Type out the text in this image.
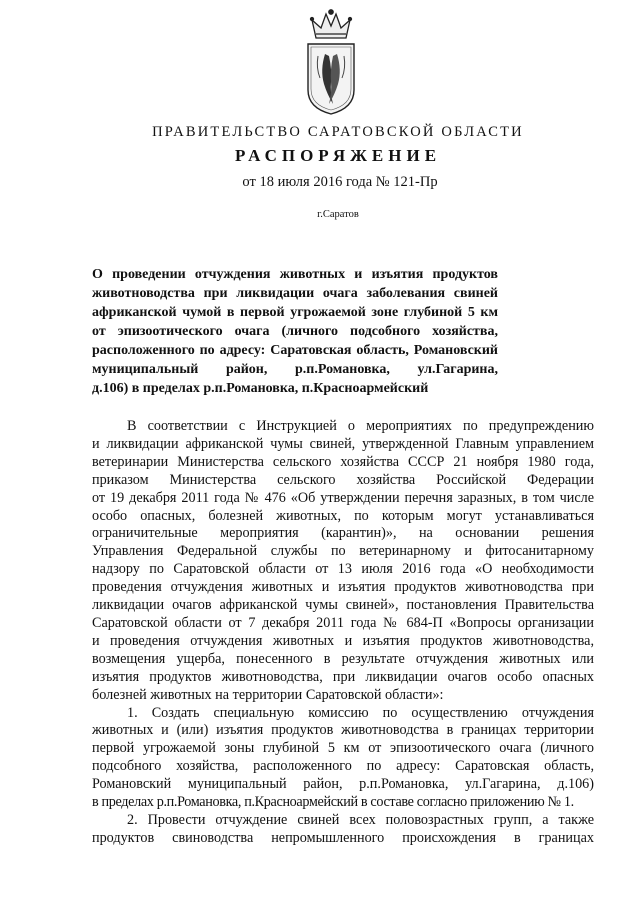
ПРАВИТЕЛЬСТВО САРАТОВСКОЙ ОБЛАСТИ
РАСПОРЯЖЕНИЕ
от 18 июля 2016 года № 121-Пр
г.Саратов
О проведении отчуждения животных и изъятия продуктов
животноводства при ликвидации очага заболевания свиней
африканской чумой в первой угрожаемой зоне глубиной 5 км
от эпизоотического очага (личного подсобного хозяйства,
расположенного по адресу: Саратовская область, Романовский
муниципальный район, р.п.Романовка, ул.Гагарина,
д.106) в пределах р.п.Романовка, п.Красноармейский
В соответствии с Инструкцией о мероприятиях по предупреждению
и ликвидации африканской чумы свиней, утвержденной Главным управлением
ветеринарии Министерства сельского хозяйства СССР 21 ноября 1980 года,
приказом Министерства сельского хозяйства Российской Федерации
от 19 декабря 2011 года № 476 «Об утверждении перечня заразных, в том числе
особо опасных, болезней животных, по которым могут устанавливаться
ограничительные мероприятия (карантин)», на основании решения
Управления Федеральной службы по ветеринарному и фитосанитарному
надзору по Саратовской области от 13 июля 2016 года «О необходимости
проведения отчуждения животных и изъятия продуктов животноводства при
ликвидации очагов африканской чумы свиней», постановления Правительства
Саратовской области от 7 декабря 2011 года № 684-П «Вопросы организации
и проведения отчуждения животных и изъятия продуктов животноводства,
возмещения ущерба, понесенного в результате отчуждения животных или
изъятия продуктов животноводства, при ликвидации очагов особо опасных
болезней животных на территории Саратовской области»:
1. Создать специальную комиссию по осуществлению отчуждения
животных и (или) изъятия продуктов животноводства в границах территории
первой угрожаемой зоны глубиной 5 км от эпизоотического очага (личного
подсобного хозяйства, расположенного по адресу: Саратовская область,
Романовский муниципальный район, р.п.Романовка, ул.Гагарина, д.106)
в пределах р.п.Романовка, п.Красноармейский в составе согласно приложению № 1.
2. Провести отчуждение свиней всех половозрастных групп, а также
продуктов свиноводства непромышленного происхождения в границах
